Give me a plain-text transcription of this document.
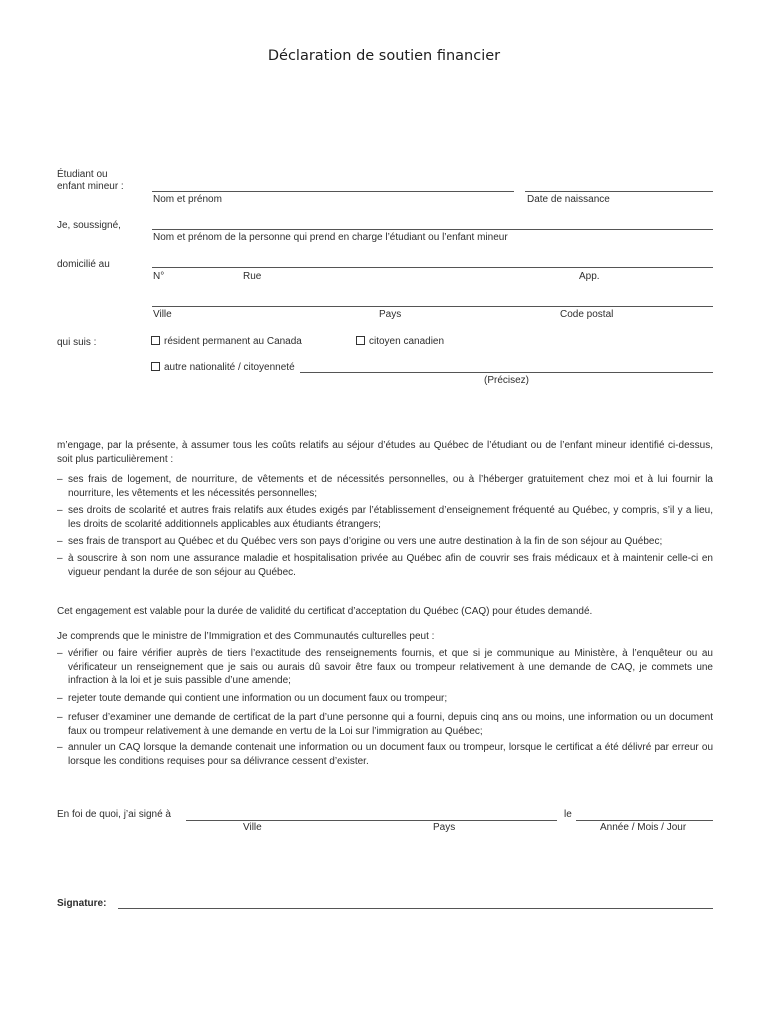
Déclaration de soutien financier
Étudiant ou
enfant mineur :
Nom et prénom	Date de naissance
Je, soussigné,
Nom et prénom de la personne qui prend en charge l’étudiant ou l’enfant mineur
domicilié au
N°	Rue	App.
Ville	Pays	Code postal
qui suis :	résident permanent au Canada	citoyen canadien
autre nationalité / citoyenneté
(Précisez)
m’engage, par la présente, à assumer tous les coûts relatifs au séjour d’études au Québec de l’étudiant ou de l’enfant mineur identifié ci-dessus, soit plus particulièrement :
– ses frais de logement, de nourriture, de vêtements et de nécessités personnelles, ou à l’héberger gratuitement chez moi et à lui fournir la nourriture, les vêtements et les nécessités personnelles;
– ses droits de scolarité et autres frais relatifs aux études exigés par l’établissement d’enseignement fréquenté au Québec, y compris, s’il y a lieu, les droits de scolarité additionnels applicables aux étudiants étrangers;
– ses frais de transport au Québec et du Québec vers son pays d’origine ou vers une autre destination à la fin de son séjour au Québec;
– à souscrire à son nom une assurance maladie et hospitalisation privée au Québec afin de couvrir ses frais médicaux et à maintenir celle-ci en vigueur pendant la durée de son séjour au Québec.
Cet engagement est valable pour la durée de validité du certificat d’acceptation du Québec (CAQ) pour études demandé.
Je comprends que le ministre de l’Immigration et des Communautés culturelles peut :
– vérifier ou faire vérifier auprès de tiers l’exactitude des renseignements fournis, et que si je communique au Ministère, à l’enquêteur ou au vérificateur un renseignement que je sais ou aurais dû savoir être faux ou trompeur relativement à une demande de CAQ, je commets une infraction à la loi et je suis passible d’une amende;
– rejeter toute demande qui contient une information ou un document faux ou trompeur;
– refuser d’examiner une demande de certificat de la part d’une personne qui a fourni, depuis cinq ans ou moins, une information ou un document faux ou trompeur relativement à une demande en vertu de la Loi sur l’immigration au Québec;
– annuler un CAQ lorsque la demande contenait une information ou un document faux ou trompeur, lorsque le certificat a été délivré par erreur ou lorsque les conditions requises pour sa délivrance cessent d’exister.
En foi de quoi, j’ai signé à
Ville	Pays
le
Année / Mois / Jour
Signature:
